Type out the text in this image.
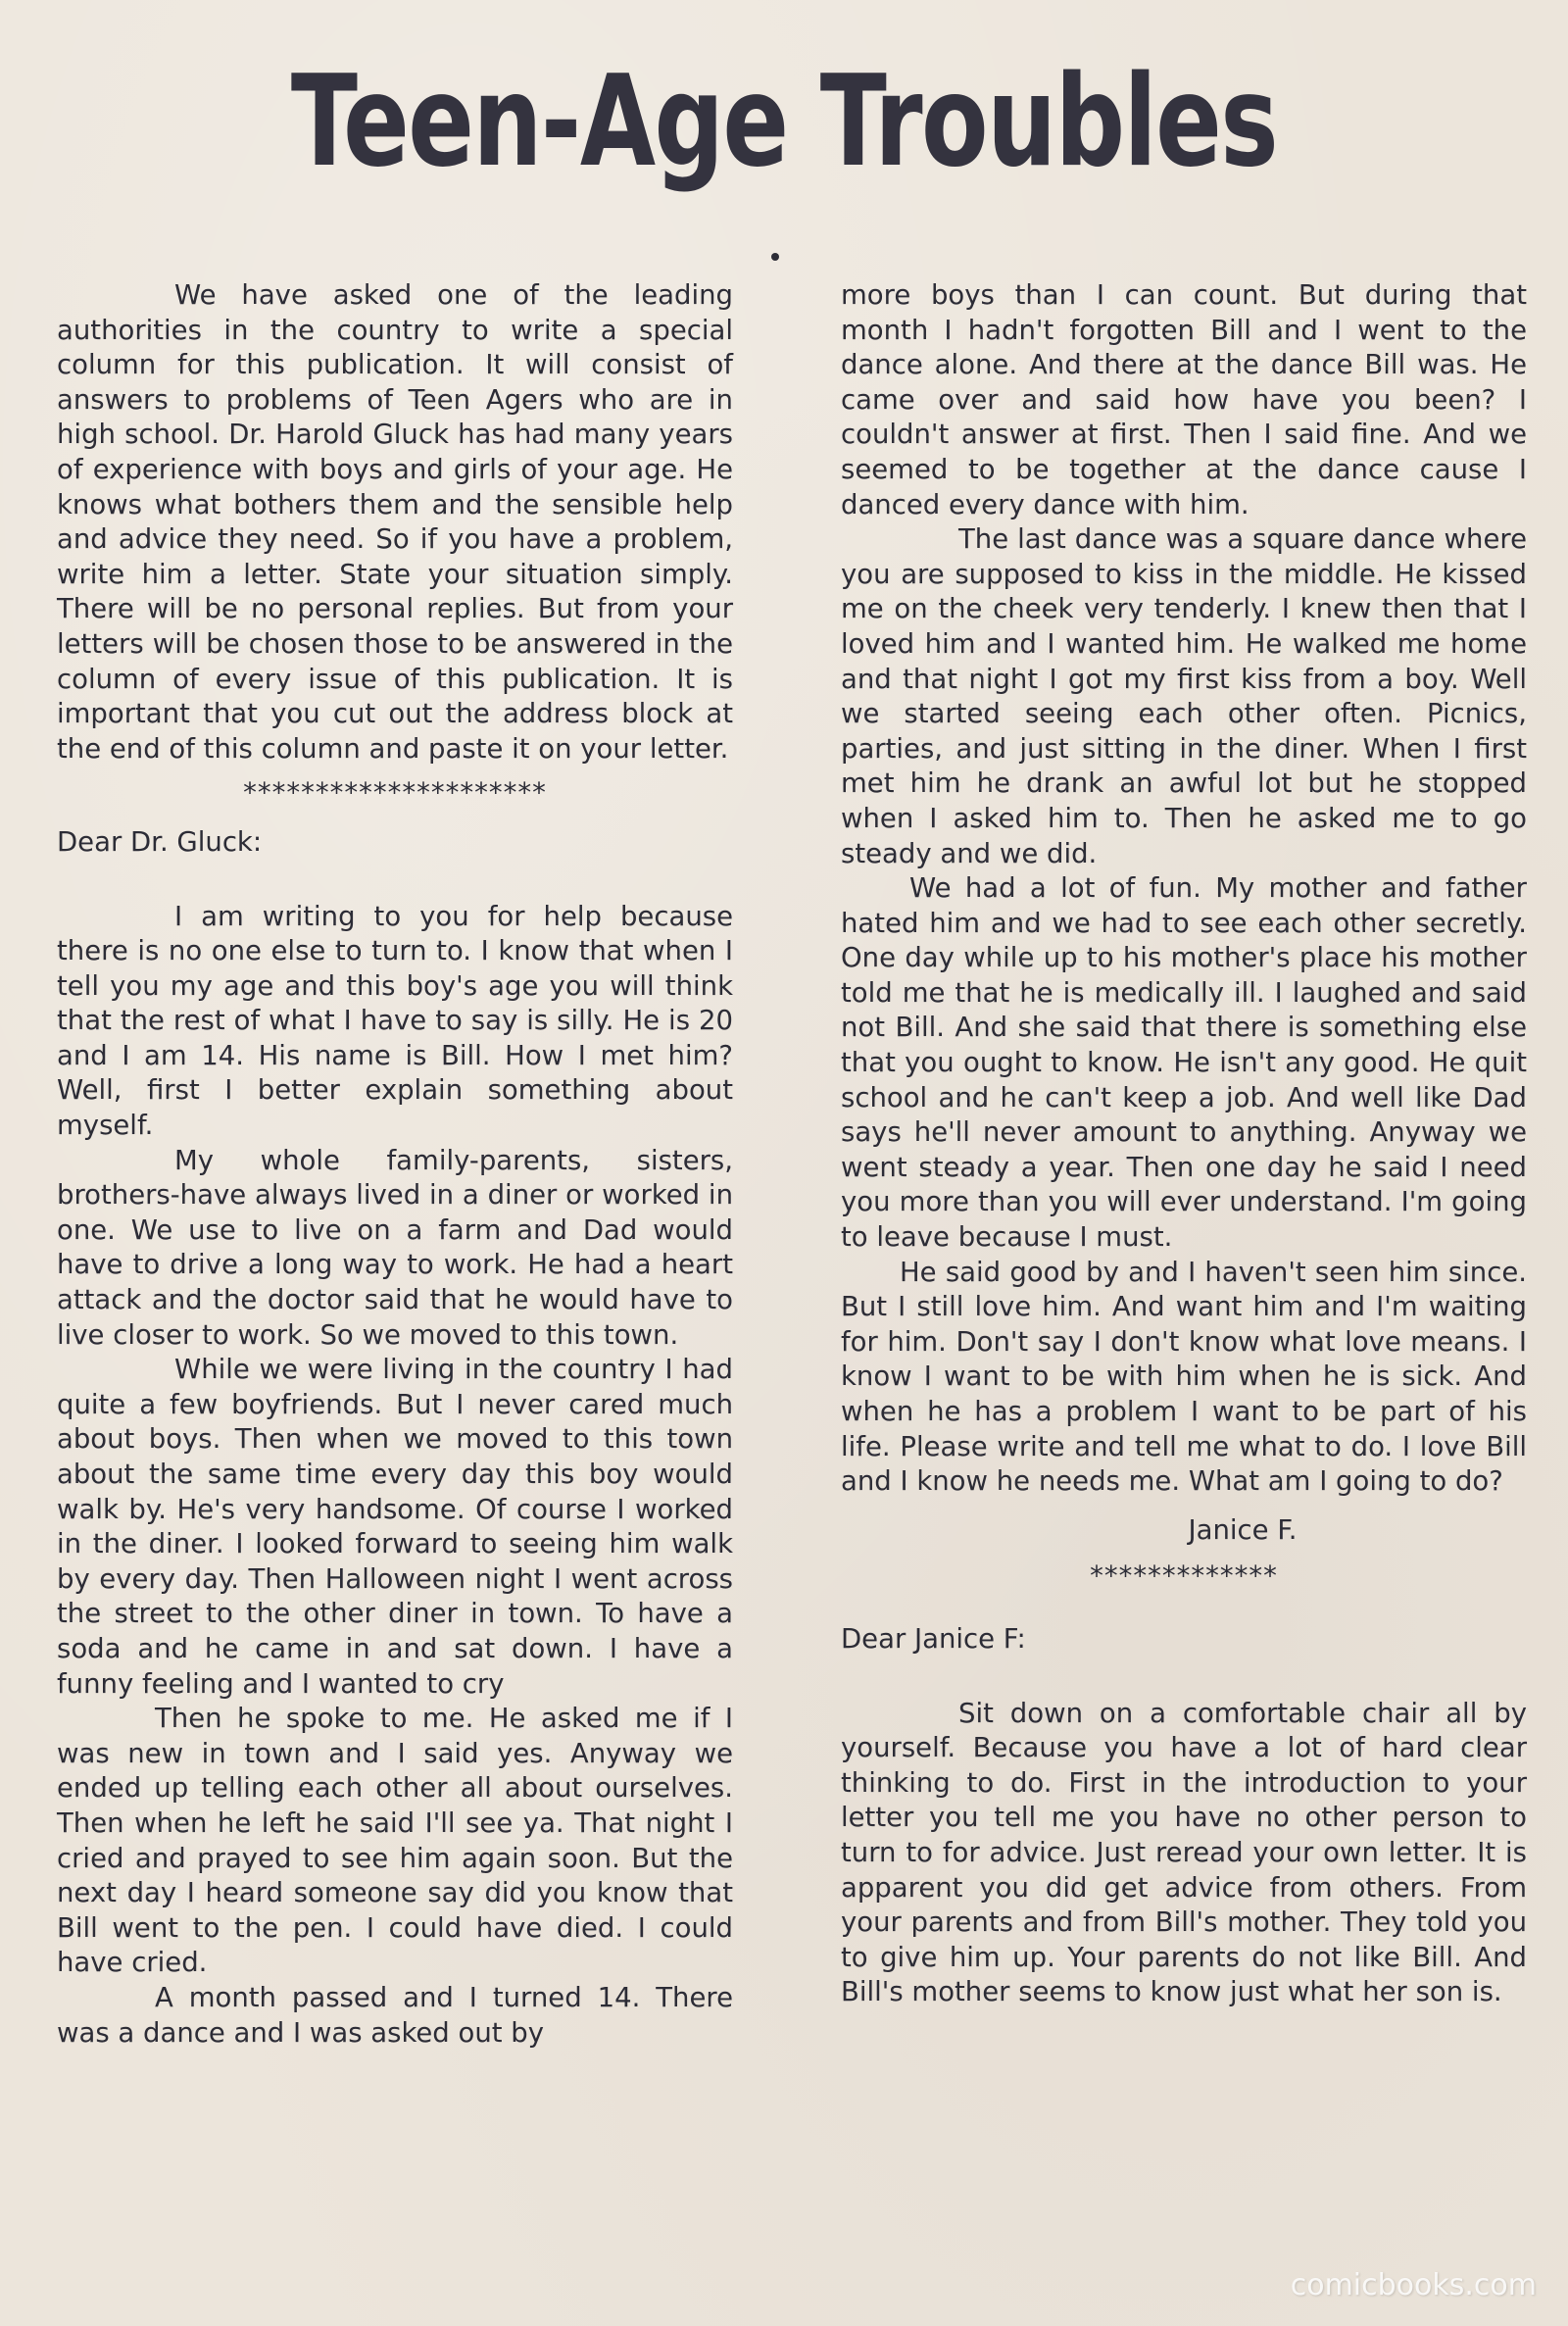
Teen-Age Troubles

We have asked one of the leading authorities in the country to write a special column for this publication. It will consist of answers to problems of Teen Agers who are in high school. Dr. Harold Gluck has had many years of experience with boys and girls of your age. He knows what bothers them and the sensible help and advice they need. So if you have a problem, write him a letter. State your situation simply. There will be no personal replies. But from your letters will be chosen those to be answered in the column of every issue of this publication. It is important that you cut out the address block at the end of this column and paste it on your letter.

*********************
Dear Dr. Gluck:

I am writing to you for help because there is no one else to turn to. I know that when I tell you my age and this boy's age you will think that the rest of what I have to say is silly. He is 20 and I am 14. His name is Bill. How I met him? Well, first I better explain something about myself.

My whole family-parents, sisters, brothers-have always lived in a diner or worked in one. We use to live on a farm and Dad would have to drive a long way to work. He had a heart attack and the doctor said that he would have to live closer to work. So we moved to this town.

While we were living in the country I had quite a few boyfriends. But I never cared much about boys. Then when we moved to this town about the same time every day this boy would walk by. He's very handsome. Of course I worked in the diner. I looked forward to seeing him walk by every day. Then Halloween night I went across the street to the other diner in town. To have a soda and he came in and sat down. I have a funny feeling and I wanted to cry

Then he spoke to me. He asked me if I was new in town and I said yes. Anyway we ended up telling each other all about ourselves. Then when he left he said I'll see ya. That night I cried and prayed to see him again soon. But the next day I heard someone say did you know that Bill went to the pen. I could have died. I could have cried.

A month passed and I turned 14. There was a dance and I was asked out by

more boys than I can count. But during that month I hadn't forgotten Bill and I went to the dance alone. And there at the dance Bill was. He came over and said how have you been? I couldn't answer at first. Then I said fine. And we seemed to be together at the dance cause I danced every dance with him.

The last dance was a square dance where you are supposed to kiss in the middle. He kissed me on the cheek very tenderly. I knew then that I loved him and I wanted him. He walked me home and that night I got my first kiss from a boy. Well we started seeing each other often. Picnics, parties, and just sitting in the diner. When I first met him he drank an awful lot but he stopped when I asked him to. Then he asked me to go steady and we did.

We had a lot of fun. My mother and father hated him and we had to see each other secretly. One day while up to his mother's place his mother told me that he is medically ill. I laughed and said not Bill. And she said that there is something else that you ought to know. He isn't any good. He quit school and he can't keep a job. And well like Dad says he'll never amount to anything. Anyway we went steady a year. Then one day he said I need you more than you will ever understand. I'm going to leave because I must.

He said good by and I haven't seen him since. But I still love him. And want him and I'm waiting for him. Don't say I don't know what love means. I know I want to be with him when he is sick. And when he has a problem I want to be part of his life. Please write and tell me what to do. I love Bill and I know he needs me. What am I going to do?

Janice F.
*************
Dear Janice F:

Sit down on a comfortable chair all by yourself. Because you have a lot of hard clear thinking to do. First in the introduction to your letter you tell me you have no other person to turn to for advice. Just reread your own letter. It is apparent you did get advice from others. From your parents and from Bill's mother. They told you to give him up. Your parents do not like Bill. And Bill's mother seems to know just what her son is.

comicbooks.com
